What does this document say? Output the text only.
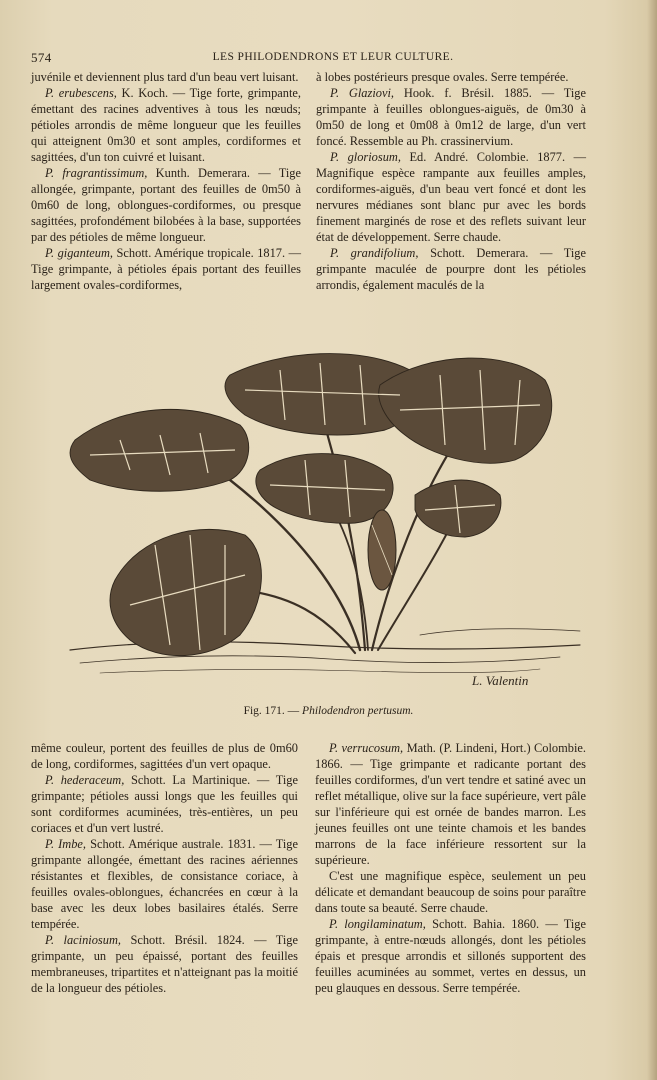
574	LES PHILODENDRONS ET LEUR CULTURE.

juvénile et deviennent plus tard d'un beau vert luisant.

P. erubescens, K. Koch. — Tige forte, grimpante, émettant des racines adventives à tous les nœuds; pétioles arrondis de même longueur que les feuilles qui atteignent 0m30 et sont amples, cordiformes et sagittées, d'un ton cuivré et luisant.

P. fragrantissimum, Kunth. Demerara. — Tige allongée, grimpante, portant des feuilles de 0m50 à 0m60 de long, oblongues-cordiformes, ou presque sagittées, profondément bilobées à la base, supportées par des pétioles de même longueur.

P. giganteum, Schott. Amérique tropicale. 1817. — Tige grimpante, à pétioles épais portant des feuilles largement ovales-cordiformes,

à lobes postérieurs presque ovales. Serre tempérée.

P. Glaziovi, Hook. f. Brésil. 1885. — Tige grimpante à feuilles oblongues-aiguës, de 0m30 à 0m50 de long et 0m08 à 0m12 de large, d'un vert foncé. Ressemble au Ph. crassinervium.

P. gloriosum, Ed. André. Colombie. 1877. — Magnifique espèce rampante aux feuilles amples, cordiformes-aiguës, d'un beau vert foncé et dont les nervures médianes sont blanc pur avec les bords finement marginés de rose et des reflets suivant leur état de développement. Serre chaude.

P. grandifolium, Schott. Demerara. — Tige grimpante maculée de pourpre dont les pétioles arrondis, également maculés de la

L. Valentin
Fig. 171. — Philodendron pertusum.

même couleur, portent des feuilles de plus de 0m60 de long, cordiformes, sagittées d'un vert opaque.

P. hederaceum, Schott. La Martinique. — Tige grimpante; pétioles aussi longs que les feuilles qui sont cordiformes acuminées, très-entières, un peu coriaces et d'un vert lustré.

P. Imbe, Schott. Amérique australe. 1831. — Tige grimpante allongée, émettant des racines aériennes résistantes et flexibles, de consistance coriace, à feuilles ovales-oblongues, échancrées en cœur à la base avec les deux lobes basilaires étalés. Serre tempérée.

P. laciniosum, Schott. Brésil. 1824. — Tige grimpante, un peu épaissé, portant des feuilles membraneuses, tripartites et n'atteignant pas la moitié de la longueur des pétioles.

P. verrucosum, Math. (P. Lindeni, Hort.) Colombie. 1866. — Tige grimpante et radicante portant des feuilles cordiformes, d'un vert tendre et satiné avec un reflet métallique, olive sur la face supérieure, vert pâle sur l'inférieure qui est ornée de bandes marron. Les jeunes feuilles ont une teinte chamois et les bandes marrons de la face inférieure ressortent sur la supérieure.

C'est une magnifique espèce, seulement un peu délicate et demandant beaucoup de soins pour paraître dans toute sa beauté. Serre chaude.

P. longilaminatum, Schott. Bahia. 1860. — Tige grimpante, à entre-nœuds allongés, dont les pétioles épais et presque arrondis et sillonés supportent des feuilles acuminées au sommet, vertes en dessus, un peu glauques en dessous. Serre tempérée.
